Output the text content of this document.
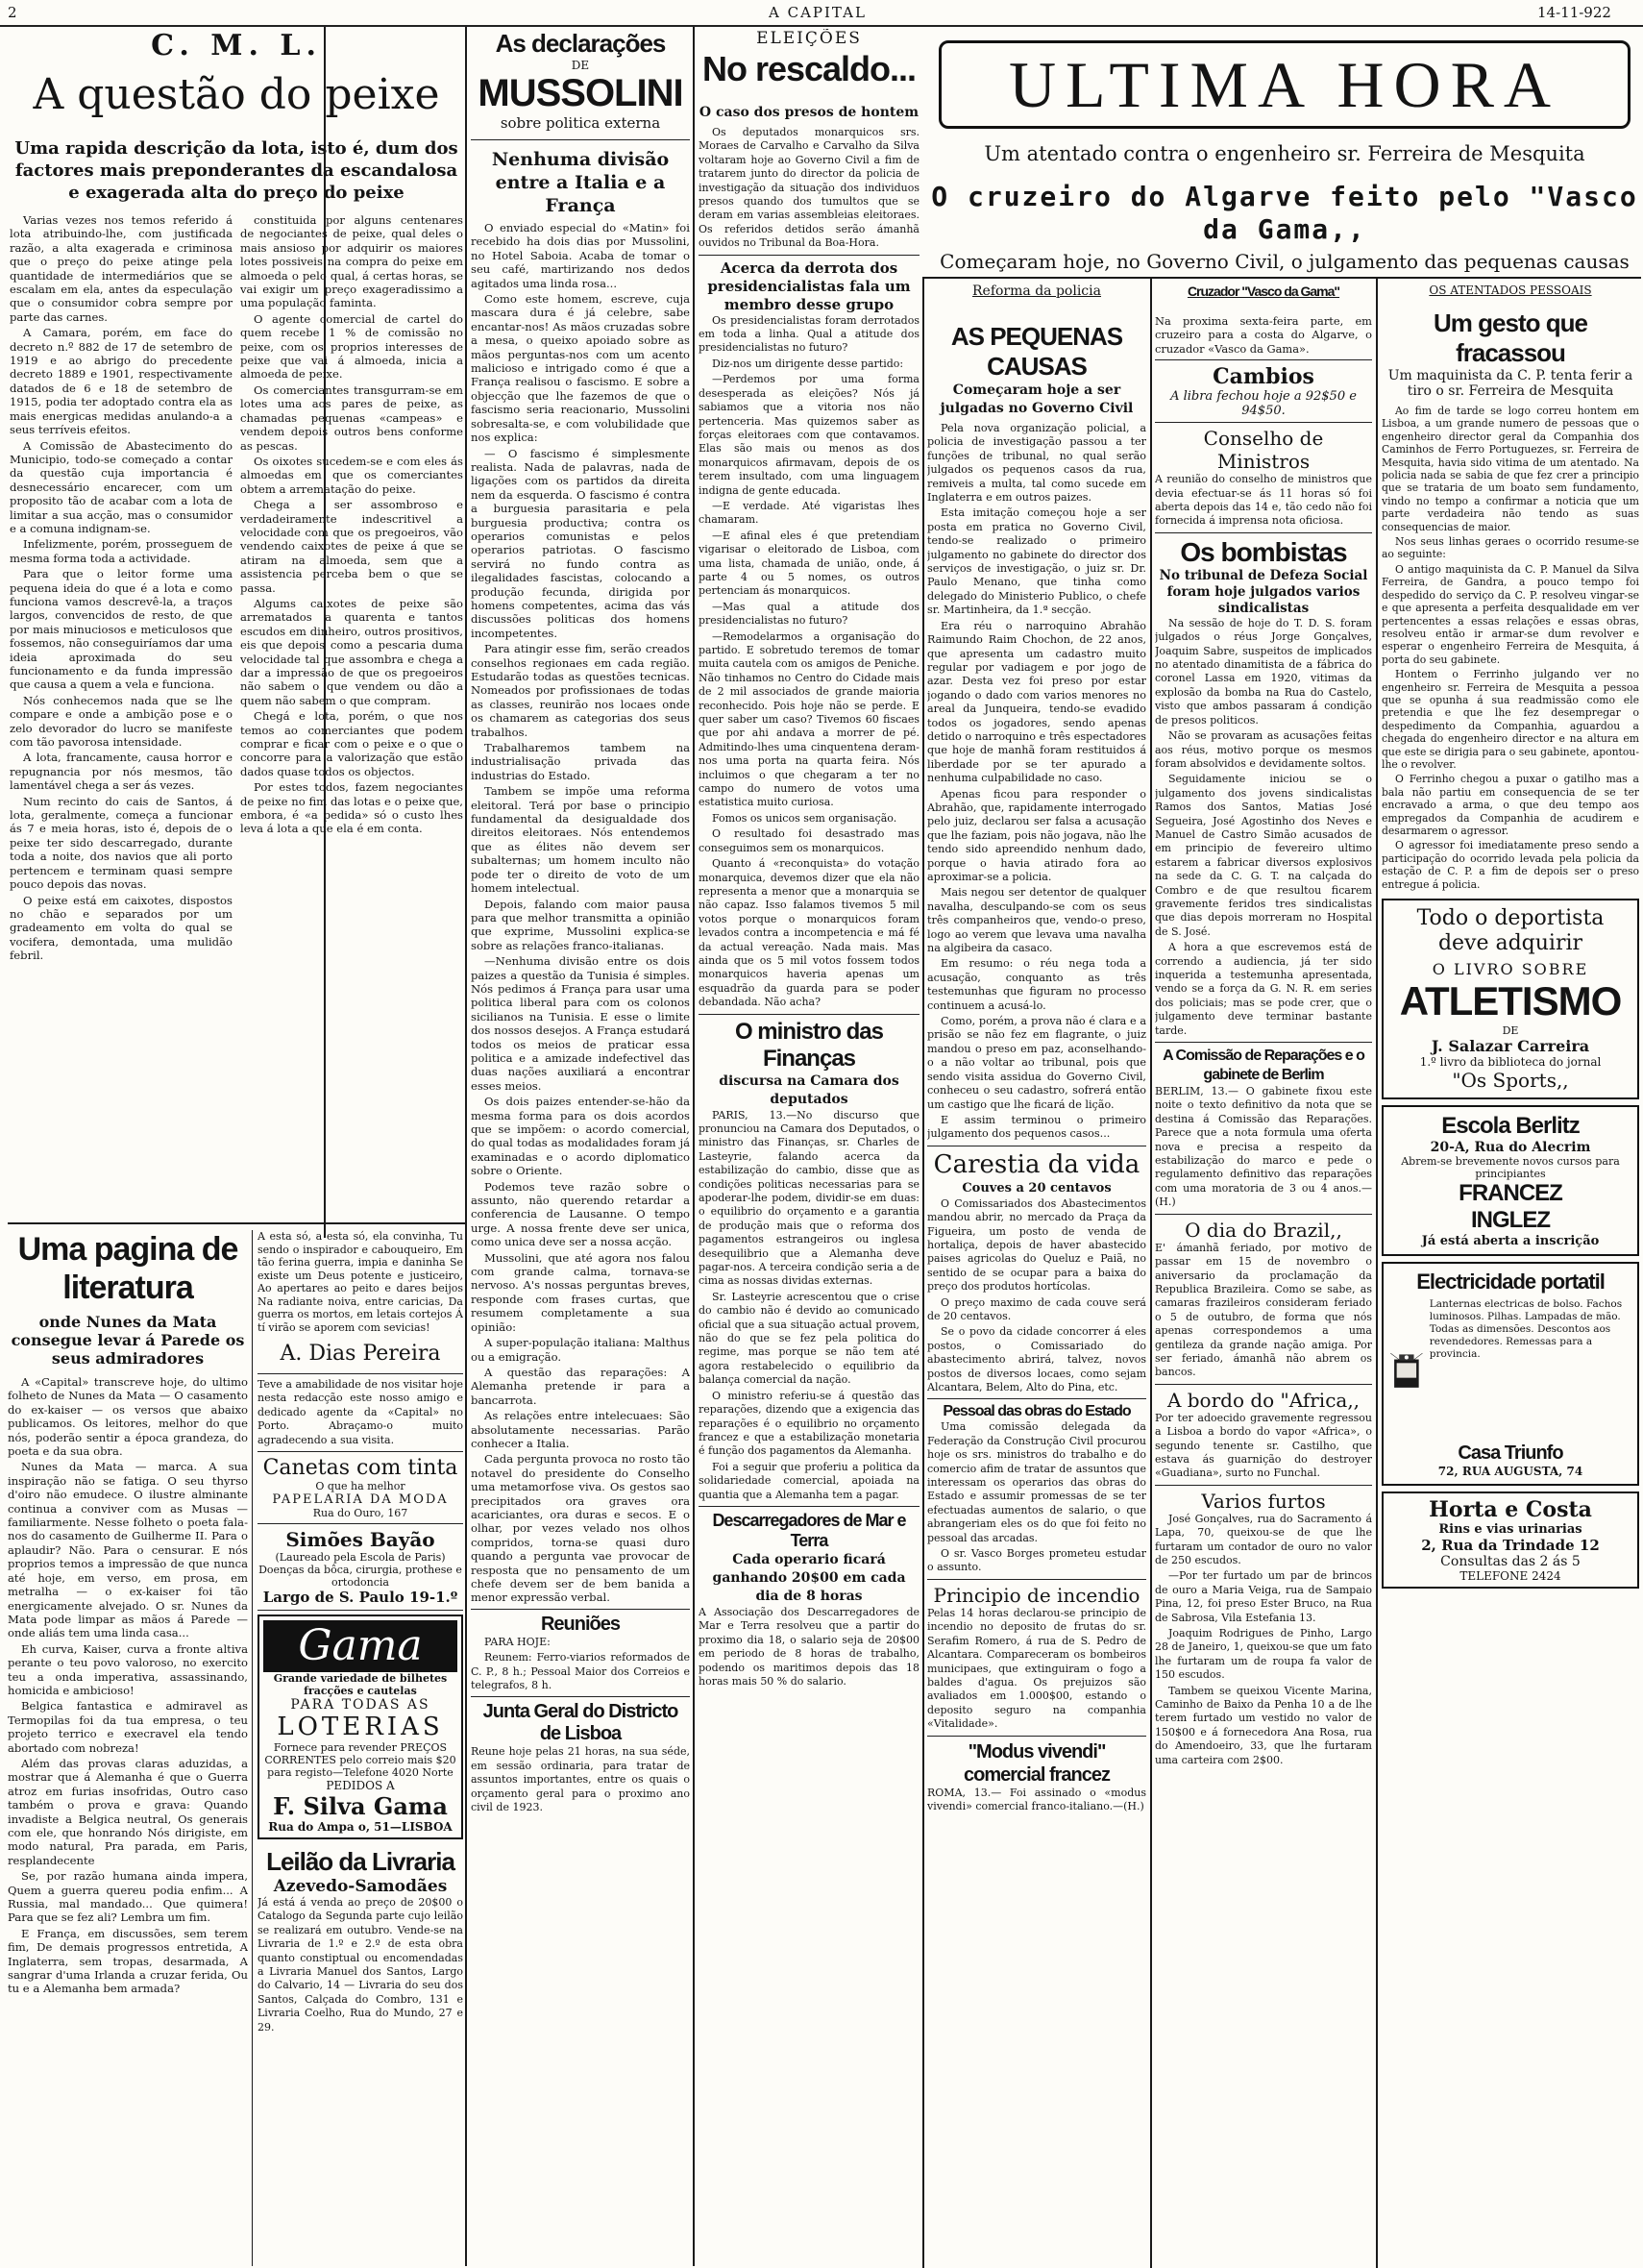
2	A CAPITAL	14-11-922
C. M. L.
A questão do peixe
Uma rapida descrição da lota, isto é, dum dos factores mais preponderantes da escandalosa e exagerada alta do preço do peixe

Varias vezes nos temos referido á lota atribuindo-lhe, com justificada razão, a alta exagerada e criminosa que o preço do peixe atinge pela quantidade de intermediários que se escalam em ela, antes da especulação que o consumidor cobra sempre por parte das carnes.

A Camara, porém, em face do decreto n.º 882 de 17 de setembro de 1919 e ao abrigo do precedente decreto 1889 e 1901, respectivamente datados de 6 e 18 de setembro de 1915, podia ter adoptado contra ela as mais energicas medidas anulando-a a seus terríveis efeitos.

A Comissão de Abastecimento do Municipio, todo-se começado a contar da questão cuja importancia é desnecessário encarecer, com um proposito tão de acabar com a lota de limitar a sua acção, mas o consumidor e a comuna indignam-se.

Infelizmente, porém, prosseguem de mesma forma toda a actividade.

Para que o leitor forme uma pequena ideia do que é a lota e como funciona vamos descrevê-la, a traços largos, convencidos de resto, de que por mais minuciosos e meticulosos que fossemos, não conseguiríamos dar uma ideia aproximada do seu funcionamento e da funda impressão que causa a quem a vela e funciona.

Nós conhecemos nada que se lhe compare e onde a ambição pose e o zelo devorador do lucro se manifeste com tão pavorosa intensidade.

A lota, francamente, causa horror e repugnancia por nós mesmos, tão lamentável chega a ser ás vezes.

Num recinto do cais de Santos, á lota, geralmente, começa a funcionar ás 7 e meia horas, isto é, depois de o peixe ter sido descarregado, durante toda a noite, dos navios que ali porto pertencem e terminam quasi sempre pouco depois das novas.

O peixe está em caixotes, dispostos no chão e separados por um gradeamento em volta do qual se vocifera, demontada, uma mulidão febril.

constituida por alguns centenares de negociantes de peixe, qual deles o mais ansioso por adquirir os maiores lotes possiveis na compra do peixe em almoeda o pelo qual, á certas horas, se vai exigir um preço exageradissimo a uma população faminta.

O agente comercial de cartel do quem recebe 1 % de comissão no peixe, com os proprios interesses de peixe que vai á almoeda, inicia a almoeda de peixe.

Os comerciantes transgurram-se em lotes uma aos pares de peixe, as chamadas pequenas «campeas» e vendem depois outros bens conforme as pescas.

Os oixotes sucedem-se e com eles ás almoedas em que os comerciantes obtem a arrematação do peixe.

Chega a ser assombroso e verdadeiramente indescritivel a velocidade com que os pregoeiros, vão vendendo caixotes de peixe á que se atiram na almoeda, sem que a assistencia perceba bem o que se passa.

Algums caixotes de peixe são arrematados a quarenta e tantos escudos em dinheiro, outros prositivos, eis que depois como a pescaria duma velocidade tal que assombra e chega a dar a impressão de que os pregoeiros não sabem o que vendem ou dão a quem não sabem o que compram.

Chegá e lota, porém, o que nos temos ao comerciantes que podem comprar e ficar com o peixe e o que o concorre para a valorização que estão dados quase todos os objectos.

Por estes todos, fazem negociantes de peixe no fim das lotas e o peixe que, embora, é «a pedida» só o custo lhes leva á lota a que ela é em conta.

Uma pagina de literatura
onde Nunes da Mata consegue levar á Parede os seus admiradores

A «Capital» transcreve hoje, do ultimo folheto de Nunes da Mata — O casamento do ex-kaiser — os versos que abaixo publicamos. Os leitores, melhor do que nós, poderão sentir a época grandeza, do poeta e da sua obra.

Nunes da Mata — marca. A sua inspiração não se fatiga. O seu thyrso d'oiro não emudece. O ilustre alminante continua a conviver com as Musas — familiarmente. Nesse folheto o poeta fala-nos do casamento de Guilherme II. Para o aplaudir? Não. Para o censurar. E nós proprios temos a impressão de que nunca até hoje, em verso, em prosa, em metralha — o ex-kaiser foi tão energicamente alvejado. O sr. Nunes da Mata pode limpar as mãos á Parede — onde aliás tem uma linda casa...

Eh curva, Kaiser, curva a fronte altiva perante o teu povo valoroso, no exercito teu a onda imperativa, assassinando, homicida e ambicioso!

Belgica fantastica e admiravel as Termopilas foi da tua empresa, o teu projeto terrico e execravel ela tendo abortado com nobreza!

Além das provas claras aduzidas, a mostrar que á Alemanha é que o Guerra atroz em furias insofridas, Outro caso também o prova e grava: Quando invadiste a Belgica neutral, Os generais com ele, que honrando Nós dirigiste, em modo natural, Pra parada, em Paris, resplandecente

Se, por razão humana ainda impera, Quem a guerra quereu podia enfim... A Russia, mal mandado... Que quimera! Para que se fez ali? Lembra um fim.

E França, em discussões, sem terem fim, De demais progressos entretida, A Inglaterra, sem tropas, desarmada, A sangrar d'uma Irlanda a cruzar ferida, Ou tu e a Alemanha bem armada?

A esta só, a esta só, ela convinha, Tu sendo o inspirador e cabouqueiro, Em tão ferina guerra, impia e daninha Se existe um Deus potente e justiceiro, Ao apertares ao peito e dares beijos Na radiante noiva, entre caricias, Da guerra os mortos, em letais cortejos Á tí virão se aporem com sevicias!
A. Dias Pereira
Teve a amabilidade de nos visitar hoje nesta redacção este nosso amigo e dedicado agente da «Capital» no Porto. Abraçamo-o muito agradecendo a sua visita.
Canetas com tinta
O que ha melhor
PAPELARIA DA MODA
Rua do Ouro, 167
Simões Bayão
(Laureado pela Escola de Paris) Doenças da bôca, cirurgia, prothese e ortodoncia
Largo de S. Paulo 19-1.º
Gama
Grande variedade de bilhetes fracções e cautelas
PARA TODAS AS
LOTERIAS
Fornece para revender PREÇOS CORRENTES pelo correio mais $20 para registo—Telefone 4020 Norte
PEDIDOS A
F. Silva Gama
Rua do Ampa o, 51—LISBOA
Leilão da Livraria
Azevedo-Samodães
Já está á venda ao preço de 20$00 o Catalogo da Segunda parte cujo leilão se realizará em outubro. Vende-se na Livraria de 1.º e 2.º de esta obra quanto constiptual ou encomendadas a Livraria Manuel dos Santos, Largo do Calvario, 14 — Livraria do seu dos Santos, Calçada do Combro, 131 e Livraria Coelho, Rua do Mundo, 27 e 29.
As declarações
DE
MUSSOLINI
sobre politica externa
Nenhuma divisão entre a Italia e a França

O enviado especial do «Matin» foi recebido ha dois dias por Mussolini, no Hotel Saboia. Acaba de tomar o seu café, martirizando nos dedos agitados uma linda rosa...

Como este homem, escreve, cuja mascara dura é já celebre, sabe encantar-nos! As mãos cruzadas sobre a mesa, o queixo apoiado sobre as mãos perguntas-nos com um acento malicioso e intrigado como é que a França realisou o fascismo. E sobre a objecção que lhe fazemos de que o fascismo seria reacionario, Mussolini sobresalta-se, e com volubilidade que nos explica:

— O fascismo é simplesmente realista. Nada de palavras, nada de ligações com os partidos da direita nem da esquerda. O fascismo é contra a burguesia parasitaria e pela burguesia productiva; contra os operarios comunistas e pelos operarios patriotas. O fascismo servirá no fundo contra as ilegalidades fascistas, colocando a produção fecunda, dirigida por homens competentes, acima das vás discussões politicas dos homens incompetentes.

Para atingir esse fim, serão creados conselhos regionaes em cada região. Estudarão todas as questões tecnicas. Nomeados por profissionaes de todas as classes, reunirão nos locaes onde os chamarem as categorias dos seus trabalhos.

Trabalharemos tambem na industrialisação privada das industrias do Estado.

Tambem se impõe uma reforma eleitoral. Terá por base o principio fundamental da desigualdade dos direitos eleitoraes. Nós entendemos que as élites não devem ser subalternas; um homem inculto não pode ter o direito de voto de um homem intelectual.

Depois, falando com maior pausa para que melhor transmitta a opinião que exprime, Mussolini explica-se sobre as relações franco-italianas.

—Nenhuma divisão entre os dois paizes a questão da Tunisia é simples. Nós pedimos á França para usar uma politica liberal para com os colonos sicilianos na Tunisia. E esse o limite dos nossos desejos. A França estudará todos os meios de praticar essa politica e a amizade indefectivel das duas nações auxiliará a encontrar esses meios.

Os dois paizes entender-se-hão da mesma forma para os dois acordos que se impõem: o acordo comercial, do qual todas as modalidades foram já examinadas e o acordo diplomatico sobre o Oriente.

Podemos teve razão sobre o assunto, não querendo retardar a conferencia de Lausanne. O tempo urge. A nossa frente deve ser unica, como unica deve ser a nossa acção.

Mussolini, que até agora nos falou com grande calma, tornava-se nervoso. A's nossas perguntas breves, responde com frases curtas, que resumem completamente a sua opinião:

A super-população italiana: Malthus ou a emigração.

A questão das reparações: A Alemanha pretende ir para a bancarrota.

As relações entre intelecuaes: São absolutamente necessarias. Parão conhecer a Italia.

Cada pergunta provoca no rosto tão notavel do presidente do Conselho uma metamorfose viva. Os gestos sao precipitados ora graves ora acariciantes, ora duras e secos. E o olhar, por vezes velado nos olhos compridos, torna-se quasi duro quando a pergunta vae provocar de resposta que no pensamento de um chefe devem ser de bem banida a menor expressão verbal.

Reuniões

PARA HOJE:

Reunem: Ferro-viarios reformados de C. P., 8 h.; Pessoal Maior dos Correios e telegrafos, 8 h.

Junta Geral do Districto de Lisboa
Reune hoje pelas 21 horas, na sua séde, em sessão ordinaria, para tratar de assuntos importantes, entre os quais o orçamento geral para o proximo ano civil de 1923.
ELEIÇÕES
No rescaldo...
O caso dos presos de hontem

Os deputados monarquicos srs. Moraes de Carvalho e Carvalho da Silva voltaram hoje ao Governo Civil a fim de tratarem junto do director da policia de investigação da situação dos individuos presos quando dos tumultos que se deram em varias assembleias eleitoraes. Os referidos detidos serão ámanhã ouvidos no Tribunal da Boa-Hora.

Acerca da derrota dos presidencialistas fala um membro desse grupo

Os presidencialistas foram derrotados em toda a linha. Qual a atitude dos presidencialistas no futuro?

Diz-nos um dirigente desse partido:

—Perdemos por uma forma desesperada as eleições? Nós já sabiamos que a vitoria nos não pertenceria. Mas quizemos saber as forças eleitoraes com que contavamos. Elas são mais ou menos as dos monarquicos afirmavam, depois de os terem insultado, com uma linguagem indigna de gente educada.

—E verdade. Até vigaristas lhes chamaram.

—E afinal eles é que pretendiam vigarisar o eleitorado de Lisboa, com uma lista, chamada de união, onde, á parte 4 ou 5 nomes, os outros pertenciam ás monarquicos.

—Mas qual a atitude dos presidencialistas no futuro?

—Remodelarmos a organisação do partido. E sobretudo teremos de tomar muita cautela com os amigos de Peniche. Não tinhamos no Centro do Cidade mais de 2 mil associados de grande maioria reconhecido. Pois hoje não se perde. E quer saber um caso? Tivemos 60 fiscaes que por ahi andava a morrer de pé. Admitindo-lhes uma cinquentena deram-nos uma porta na quarta feira. Nós incluimos o que chegaram a ter no campo do numero de votos uma estatistica muito curiosa.

Fomos os unicos sem organisação.

O resultado foi desastrado mas conseguimos sem os monarquicos.

Quanto á «reconquista» do votação monarquica, devemos dizer que ela não representa a menor que a monarquia se não capaz. Isso falamos tivemos 5 mil votos porque o monarquicos foram levados contra a incompetencia e má fé da actual vereação. Nada mais. Mas ainda que os 5 mil votos fossem todos monarquicos haveria apenas um esquadrão da guarda para se poder debandada. Não acha?

O ministro das Finanças
discursa na Camara dos deputados

PARIS, 13.—No discurso que pronunciou na Camara dos Deputados, o ministro das Finanças, sr. Charles de Lasteyrie, falando acerca da estabilização do cambio, disse que as condições politicas necessarias para se apoderar-lhe podem, dividir-se em duas: o equilibrio do orçamento e a garantia de produção mais que o reforma dos pagamentos estrangeiros ou inglesa desequilibrio que a Alemanha deve pagar-nos. A terceira condição seria a de cima as nossas dividas externas.

Sr. Lasteyrie acrescentou que o crise do cambio não é devido ao comunicado oficial que a sua situação actual provem, não do que se fez pela politica do regime, mas porque se não tem até agora restabelecido o equilibrio da balança comercial da nação.

O ministro referiu-se á questão das reparações, dizendo que a exigencia das reparações é o equilibrio no orçamento francez e que a estabilização monetaria é função dos pagamentos da Alemanha.

Foi a seguir que proferiu a politica da solidariedade comercial, apoiada na quantia que a Alemanha tem a pagar.

Descarregadores de Mar e Terra
Cada operario ficará ganhando 20$00 em cada dia de 8 horas
A Associação dos Descarregadores de Mar e Terra resolveu que a partir do proximo dia 18, o salario seja de 20$00 em periodo de 8 horas de trabalho, podendo os maritimos depois das 18 horas mais 50 % do salario.
ULTIMA HORA
Um atentado contra o engenheiro sr. Ferreira de Mesquita
O cruzeiro do Algarve feito pelo "Vasco da Gama,,
Começaram hoje, no Governo Civil, o julgamento das pequenas causas
Reforma da policia
AS PEQUENAS CAUSAS
Começaram hoje a ser julgadas no Governo Civil

Pela nova organização policial, a policia de investigação passou a ter funções de tribunal, no qual serão julgados os pequenos casos da rua, remiveis a multa, tal como sucede em Inglaterra e em outros paizes.

Esta imitação começou hoje a ser posta em pratica no Governo Civil, tendo-se realizado o primeiro julgamento no gabinete do director dos serviços de investigação, o juiz sr. Dr. Paulo Menano, que tinha como delegado do Ministerio Publico, o chefe sr. Martinheira, da 1.ª secção.

Era réu o narroquino Abrahão Raimundo Raim Chochon, de 22 anos, que apresenta um cadastro muito regular por vadiagem e por jogo de azar. Desta vez foi preso por estar jogando o dado com varios menores no areal da Junqueira, tendo-se evadido todos os jogadores, sendo apenas detido o narroquino e três espectadores que hoje de manhã foram restituidos á liberdade por se ter apurado a nenhuma culpabilidade no caso.

Apenas ficou para responder o Abrahão, que, rapidamente interrogado pelo juiz, declarou ser falsa a acusação que lhe faziam, pois não jogava, não lhe tendo sido apreendido nenhum dado, porque o havia atirado fora ao aproximar-se a policia.

Mais negou ser detentor de qualquer navalha, desculpando-se com os seus três companheiros que, vendo-o preso, logo ao verem que levava uma navalha na algibeira da casaco.

Em resumo: o réu nega toda a acusação, conquanto as três testemunhas que figuram no processo continuem a acusá-lo.

Como, porém, a prova não é clara e a prisão se não fez em flagrante, o juiz mandou o preso em paz, aconselhando-o a não voltar ao tribunal, pois que sendo visita assidua do Governo Civil, conheceu o seu cadastro, sofrerá então um castigo que lhe ficará de lição.

E assim terminou o primeiro julgamento dos pequenos casos...

Carestia da vida
Couves a 20 centavos

O Comissariados dos Abastecimentos mandou abrir, no mercado da Praça da Figueira, um posto de venda de hortaliça, depois de haver abastecido paises agricolas do Queluz e Paiã, no sentido de se ocupar para a baixa do preço dos produtos hortícolas.

O preço maximo de cada couve será de 20 centavos.

Se o povo da cidade concorrer á eles postos, o Comissariado do abastecimento abrirá, talvez, novos postos de diversos locaes, como sejam Alcantara, Belem, Alto do Pina, etc.

Pessoal das obras do Estado

Uma comissão delegada da Federação da Construção Civil procurou hoje os srs. ministros do trabalho e do comercio afim de tratar de assuntos que interessam os operarios das obras do Estado e assumir promessas de se ter efectuadas aumentos de salario, o que abrangeriam eles os do que foi feito no pessoal das arcadas.

O sr. Vasco Borges prometeu estudar o assunto.

Principio de incendio
Pelas 14 horas declarou-se principio de incendio no deposito de frutas do sr. Serafim Romero, á rua de S. Pedro de Alcantara. Compareceram os bombeiros municipaes, que extinguiram o fogo a baldes d'agua. Os prejuizos são avaliados em 1.000$00, estando o deposito seguro na companhia «Vitalidade».
"Modus vivendi" comercial francez
ROMA, 13.— Foi assinado o «modus vivendi» comercial franco-italiano.—(H.)
Cruzador "Vasco da Gama"
Na proxima sexta-feira parte, em cruzeiro para a costa do Algarve, o cruzador «Vasco da Gama».
Cambios
A libra fechou hoje a 92$50 e 94$50.
Conselho de Ministros
A reunião do conselho de ministros que devia efectuar-se ás 11 horas só foi aberta depois das 14 e, tão cedo não foi fornecida á imprensa nota oficiosa.
Os bombistas
No tribunal de Defeza Social foram hoje julgados varios sindicalistas

Na sessão de hoje do T. D. S. foram julgados o réus Jorge Gonçalves, Joaquim Sabre, suspeitos de implicados no atentado dinamitista de a fábrica do coronel Lassa em 1920, vitimas da explosão da bomba na Rua do Castelo, visto que ambos passaram á condição de presos politicos.

Não se provaram as acusações feitas aos réus, motivo porque os mesmos foram absolvidos e devidamente soltos.

Seguidamente iniciou se o julgamento dos jovens sindicalistas Ramos dos Santos, Matias José Segueira, José Agostinho dos Neves e Manuel de Castro Simão acusados de em principio de fevereiro ultimo estarem a fabricar diversos explosivos na sede da C. G. T. na calçada do Combro e de que resultou ficarem gravemente feridos tres sindicalistas que dias depois morreram no Hospital de S. José.

A hora a que escrevemos está de correndo a audiencia, já ter sido inquerida a testemunha apresentada, vendo se a força da G. N. R. em series dos policiais; mas se pode crer, que o julgamento deve terminar bastante tarde.

A Comissão de Reparações e o gabinete de Berlim
BERLIM, 13.— O gabinete fixou este noite o texto definitivo da nota que se destina á Comissão das Reparações. Parece que a nota formula uma oferta nova e precisa a respeito da estabilização do marco e pede o regulamento definitivo das reparações com uma moratoria de 3 ou 4 anos.—(H.)
O dia do Brazil,,
E' ámanhã feriado, por motivo de passar em 15 de novembro o aniversario da proclamação da Republica Brazileira. Como se sabe, as camaras frazileiros consideram feriado o 5 de outubro, de forma que nós apenas correspondemos a uma gentileza da grande nação amiga. Por ser feriado, ámanhã não abrem os bancos.
A bordo do "Africa,,
Por ter adoecido gravemente regressou a Lisboa a bordo do vapor «Africa», o segundo tenente sr. Castilho, que estava ás guarnição do destroyer «Guadiana», surto no Funchal.
Varios furtos

José Gonçalves, rua do Sacramento á Lapa, 70, queixou-se de que lhe furtaram um contador de ouro no valor de 250 escudos.

—Por ter furtado um par de brincos de ouro a Maria Veiga, rua de Sampaio Pina, 12, foi preso Ester Bruco, na Rua de Sabrosa, Vila Estefania 13.

Joaquim Rodrigues de Pinho, Largo 28 de Janeiro, 1, queixou-se que um fato lhe furtaram um de roupa fa valor de 150 escudos.

Tambem se queixou Vicente Marina, Caminho de Baixo da Penha 10 a de lhe terem furtado um vestido no valor de 150$00 e á fornecedora Ana Rosa, rua do Amendoeiro, 33, que lhe furtaram uma carteira com 2$00.

OS ATENTADOS PESSOAIS
Um gesto que fracassou
Um maquinista da C. P. tenta ferir a tiro o sr. Ferreira de Mesquita

Ao fim de tarde se logo correu hontem em Lisboa, a um grande numero de pessoas que o engenheiro director geral da Companhia dos Caminhos de Ferro Portuguezes, sr. Ferreira de Mesquita, havia sido vitima de um atentado. Na policia nada se sabia de que fez crer a principio que se trataria de um boato sem fundamento, vindo no tempo a confirmar a noticia que um parte verdadeira não tendo as suas consequencias de maior.

Nos seus linhas geraes o ocorrido resume-se ao seguinte:

O antigo maquinista da C. P. Manuel da Silva Ferreira, de Gandra, a pouco tempo foi despedido do serviço da C. P. resolveu vingar-se e que apresenta a perfeita desqualidade em ver pertencentes a essas relações e essas obras, resolveu então ir armar-se dum revolver e esperar o engenheiro Ferreira de Mesquita, á porta do seu gabinete.

Hontem o Ferrinho julgando ver no engenheiro sr. Ferreira de Mesquita a pessoa que se opunha á sua readmissão como ele pretendia e que lhe fez desempregar o despedimento da Companhia, aguardou a chegada do engenheiro director e na altura em que este se dirigia para o seu gabinete, apontou-lhe o revolver.

O Ferrinho chegou a puxar o gatilho mas a bala não partiu em consequencia de se ter encravado a arma, o que deu tempo aos empregados da Companhia de acudirem e desarmarem o agressor.

O agressor foi imediatamente preso sendo a participação do ocorrido levada pela policia da estação de C. P. a fim de depois ser o preso entregue á policia.

Todo o deportista deve adquirir
O LIVRO SOBRE
ATLETISMO
DE
J. Salazar Carreira
1.º livro da biblioteca do jornal
"Os Sports,,
Escola Berlitz
20-A, Rua do Alecrim
Abrem-se brevemente novos cursos para principiantes
FRANCEZ
INGLEZ
Já está aberta a inscrição
Electricidade portatil
Lanternas electricas de bolso. Fachos luminosos. Pilhas. Lampadas de mão. Todas as dimensões. Descontos aos revendedores. Remessas para a provincia.
Casa Triunfo
72, RUA AUGUSTA, 74
Horta e Costa
Rins e vias urinarias
2, Rua da Trindade 12
Consultas das 2 ás 5
TELEFONE 2424
